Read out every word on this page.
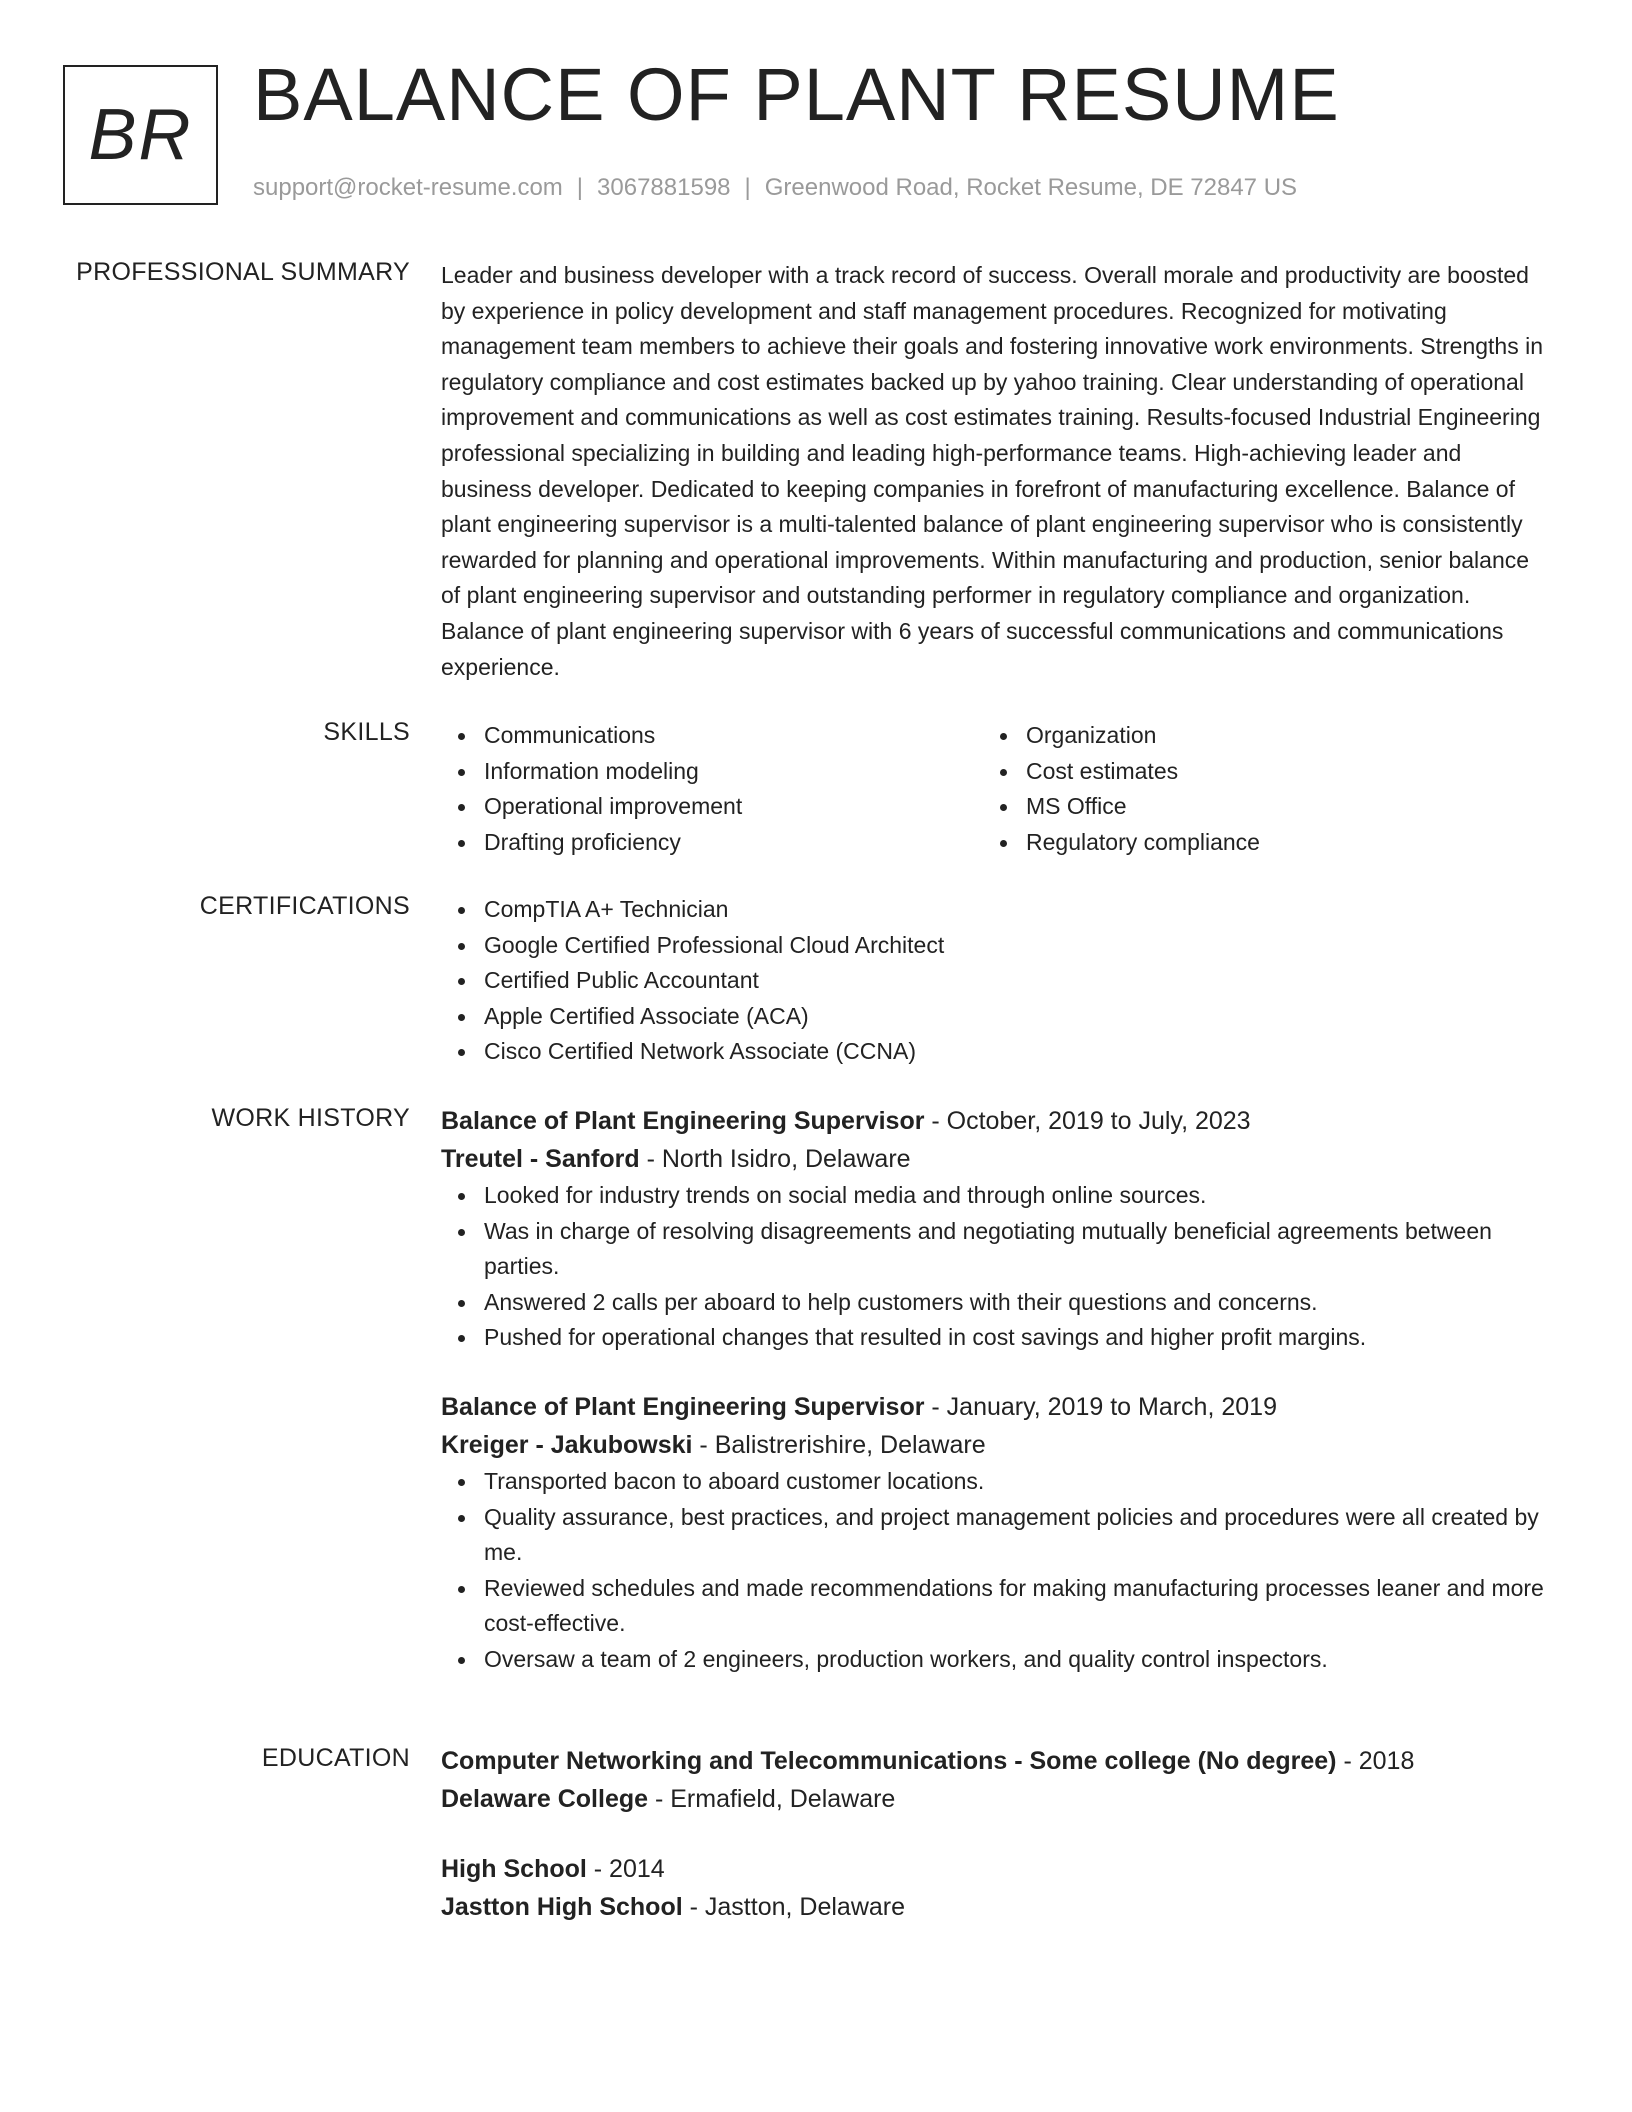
BR BALANCE OF PLANT RESUME
support@rocket-resume.com | 3067881598 | Greenwood Road, Rocket Resume, DE 72847 US
PROFESSIONAL SUMMARY Leader and business developer with a track record of success. Overall morale and productivity are boosted by experience in policy development and staff management procedures. Recognized for motivating management team members to achieve their goals and fostering innovative work environments. Strengths in regulatory compliance and cost estimates backed up by yahoo training. Clear understanding of operational improvement and communications as well as cost estimates training. Results-focused Industrial Engineering professional specializing in building and leading high-performance teams. High-achieving leader and business developer. Dedicated to keeping companies in forefront of manufacturing excellence. Balance of plant engineering supervisor is a multi-talented balance of plant engineering supervisor who is consistently rewarded for planning and operational improvements. Within manufacturing and production, senior balance of plant engineering supervisor and outstanding performer in regulatory compliance and organization. Balance of plant engineering supervisor with 6 years of successful communications and communications experience.

SKILLS	Communications
Information modeling
Operational improvement
Drafting proficiency
Organization
Cost estimates
MS Office
Regulatory compliance
CERTIFICATIONS	CompTIA A+ Technician
Google Certified Professional Cloud Architect
Certified Public Accountant
Apple Certified Associate (ACA)
Cisco Certified Network Associate (CCNA)
WORK HISTORY Balance of Plant Engineering Supervisor - October, 2019 to July, 2023
Treutel - Sanford - North Isidro, Delaware
Looked for industry trends on social media and through online sources.
Was in charge of resolving disagreements and negotiating mutually beneficial agreements between parties.
Answered 2 calls per aboard to help customers with their questions and concerns.
Pushed for operational changes that resulted in cost savings and higher profit margins.
Balance of Plant Engineering Supervisor - January, 2019 to March, 2019
Kreiger - Jakubowski - Balistrerishire, Delaware
Transported bacon to aboard customer locations.
Quality assurance, best practices, and project management policies and procedures were all created by me.
Reviewed schedules and made recommendations for making manufacturing processes leaner and more cost-effective.
Oversaw a team of 2 engineers, production workers, and quality control inspectors.
EDUCATION Computer Networking and Telecommunications - Some college (No degree) - 2018
Delaware College - Ermafield, Delaware
High School - 2014
Jastton High School - Jastton, Delaware
